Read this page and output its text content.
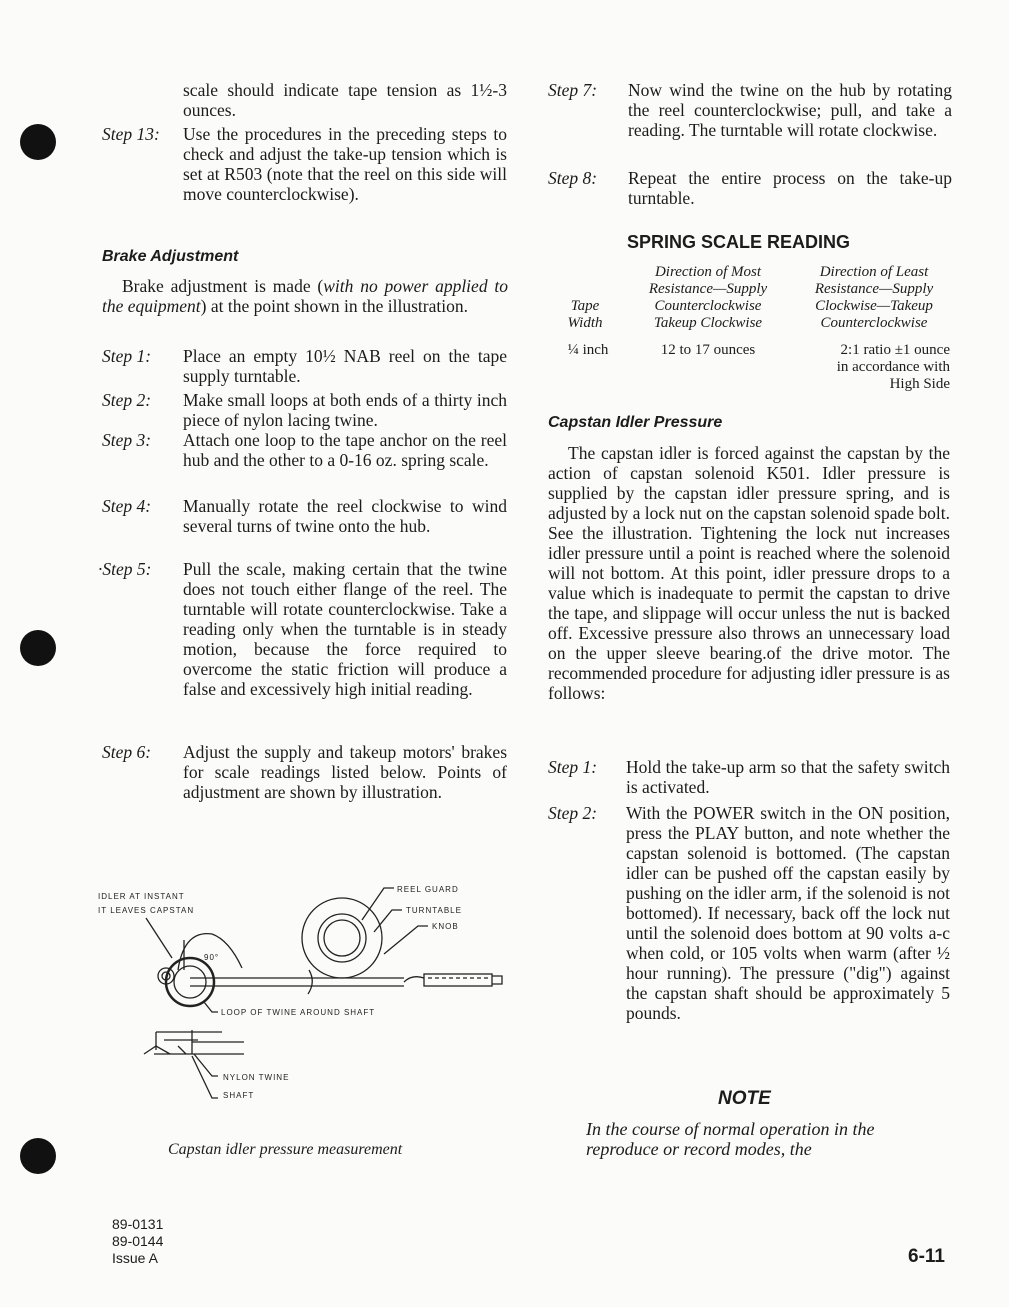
scale should indicate tape tension as 1½-3 ounces.
Step 13: Use the procedures in the preceding steps to check and adjust the take-up tension which is set at R503 (note that the reel on this side will move counterclockwise).
Brake Adjustment
Brake adjustment is made (with no power applied to the equipment) at the point shown in the illustration.
Step 1: Place an empty 10½ NAB reel on the tape supply turntable.
Step 2: Make small loops at both ends of a thirty inch piece of nylon lacing twine.
Step 3: Attach one loop to the tape anchor on the reel hub and the other to a 0-16 oz. spring scale.
Step 4: Manually rotate the reel clockwise to wind several turns of twine onto the hub.
·Step 5: Pull the scale, making certain that the twine does not touch either flange of the reel. The turntable will rotate counterclockwise. Take a reading only when the turntable is in steady motion, because the force required to overcome the static friction will produce a false and excessively high initial reading.
Step 6: Adjust the supply and takeup motors' brakes for scale readings listed below. Points of adjustment are shown by illustration.
IDLER AT INSTANT
IT LEAVES CAPSTAN
REEL GUARD
TURNTABLE
KNOB
90°
LOOP OF TWINE AROUND SHAFT
NYLON TWINE
SHAFT
Capstan idler pressure measurement
89-0131
89-0144
Issue A
Step 7: Now wind the twine on the hub by rotating the reel counterclockwise; pull, and take a reading. The turntable will rotate clockwise.
Step 8: Repeat the entire process on the take-up turntable.
SPRING SCALE READING
Tape
Width
Direction of Most
Resistance—Supply
Counterclockwise
Takeup Clockwise
Direction of Least
Resistance—Supply
Clockwise—Takeup
Counterclockwise
¼ inch	12 to 17 ounces	2:1 ratio ±1 ounce
in accordance with
High Side
Capstan Idler Pressure
The capstan idler is forced against the capstan by the action of capstan solenoid K501. Idler pressure is supplied by the capstan idler pressure spring, and is adjusted by a lock nut on the capstan solenoid spade bolt. See the illustration. Tightening the lock nut increases idler pressure until a point is reached where the solenoid will not bottom. At this point, idler pressure drops to a value which is inadequate to permit the capstan to drive the tape, and slippage will occur unless the nut is backed off. Excessive pressure also throws an unnecessary load on the upper sleeve bearing.of the drive motor. The recommended procedure for adjusting idler pressure is as follows:
Step 1: Hold the take-up arm so that the safety switch is activated.
Step 2: With the POWER switch in the ON position, press the PLAY button, and note whether the capstan solenoid is bottomed. (The capstan idler can be pushed off the capstan easily by pushing on the idler arm, if the solenoid is not bottomed). If necessary, back off the lock nut until the solenoid does bottom at 90 volts a-c when cold, or 105 volts when warm (after ½ hour running). The pressure ("dig") against the capstan shaft should be approximately 5 pounds.
NOTE
In the course of normal operation in the reproduce or record modes, the
6-11
